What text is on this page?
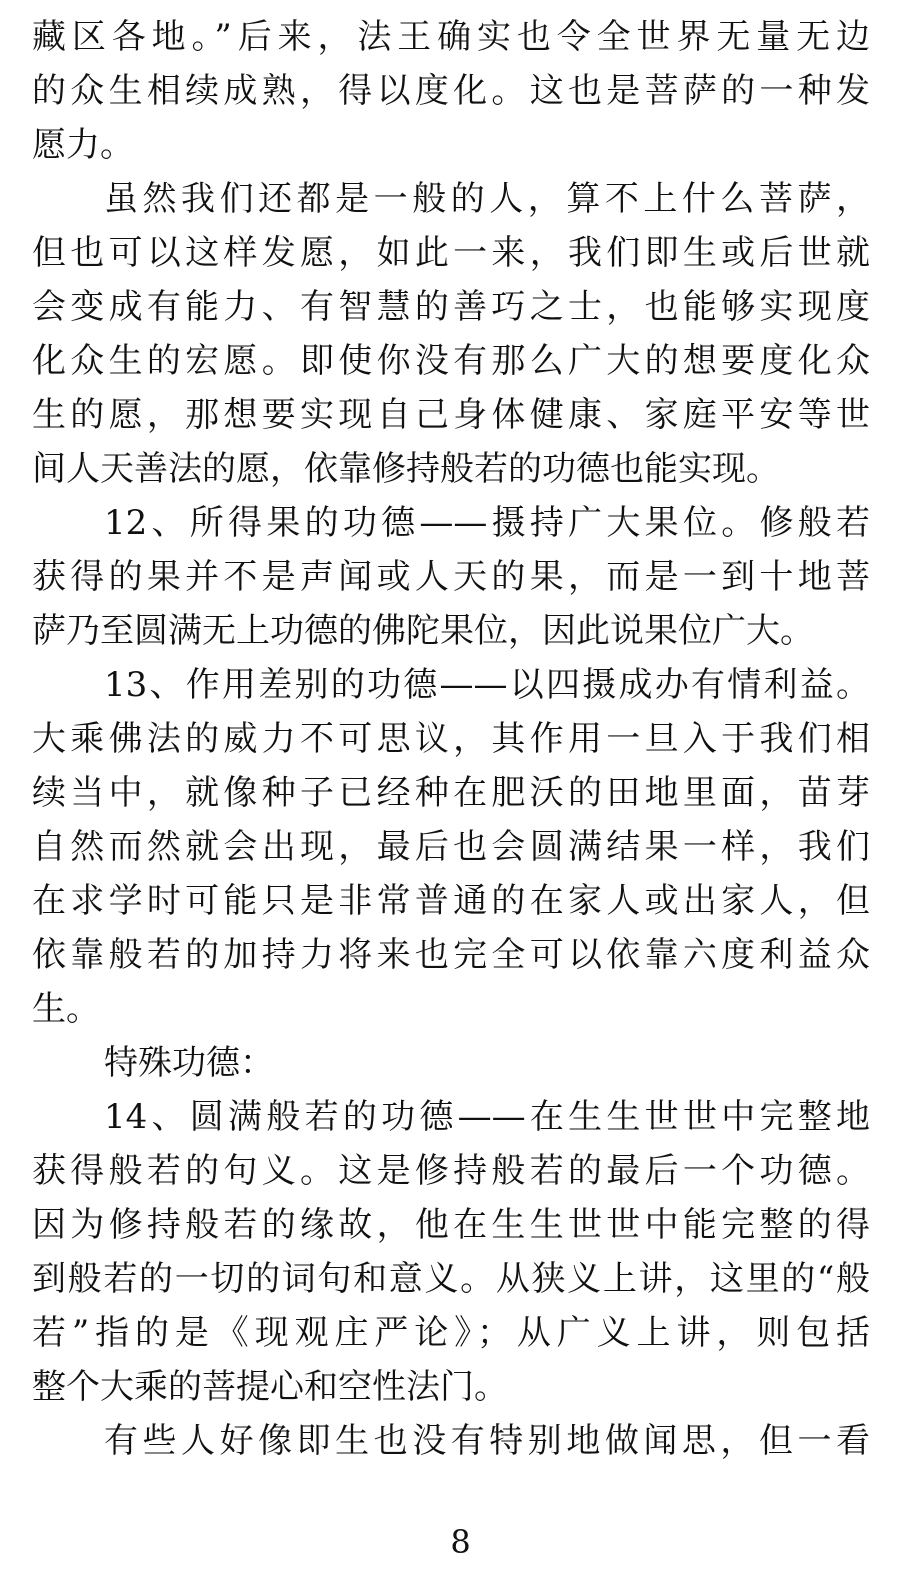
藏区各地。”后来，法王确实也令全世界无量无边
的众生相续成熟，得以度化。这也是菩萨的一种发
愿力。
虽然我们还都是一般的人，算不上什么菩萨，
但也可以这样发愿，如此一来，我们即生或后世就
会变成有能力、有智慧的善巧之士，也能够实现度
化众生的宏愿。即使你没有那么广大的想要度化众
生的愿，那想要实现自己身体健康、家庭平安等世
间人天善法的愿，依靠修持般若的功德也能实现。
12、所得果的功德——摄持广大果位。修般若
获得的果并不是声闻或人天的果，而是一到十地菩
萨乃至圆满无上功德的佛陀果位，因此说果位广大。
13、作用差别的功德——以四摄成办有情利益。
大乘佛法的威力不可思议，其作用一旦入于我们相
续当中，就像种子已经种在肥沃的田地里面，苗芽
自然而然就会出现，最后也会圆满结果一样，我们
在求学时可能只是非常普通的在家人或出家人，但
依靠般若的加持力将来也完全可以依靠六度利益众
生。
特殊功德：
14、圆满般若的功德——在生生世世中完整地
获得般若的句义。这是修持般若的最后一个功德。
因为修持般若的缘故，他在生生世世中能完整的得
到般若的一切的词句和意义。从狭义上讲，这里的“般
若”指的是《现观庄严论》；从广义上讲，则包括
整个大乘的菩提心和空性法门。
有些人好像即生也没有特别地做闻思，但一看
8
